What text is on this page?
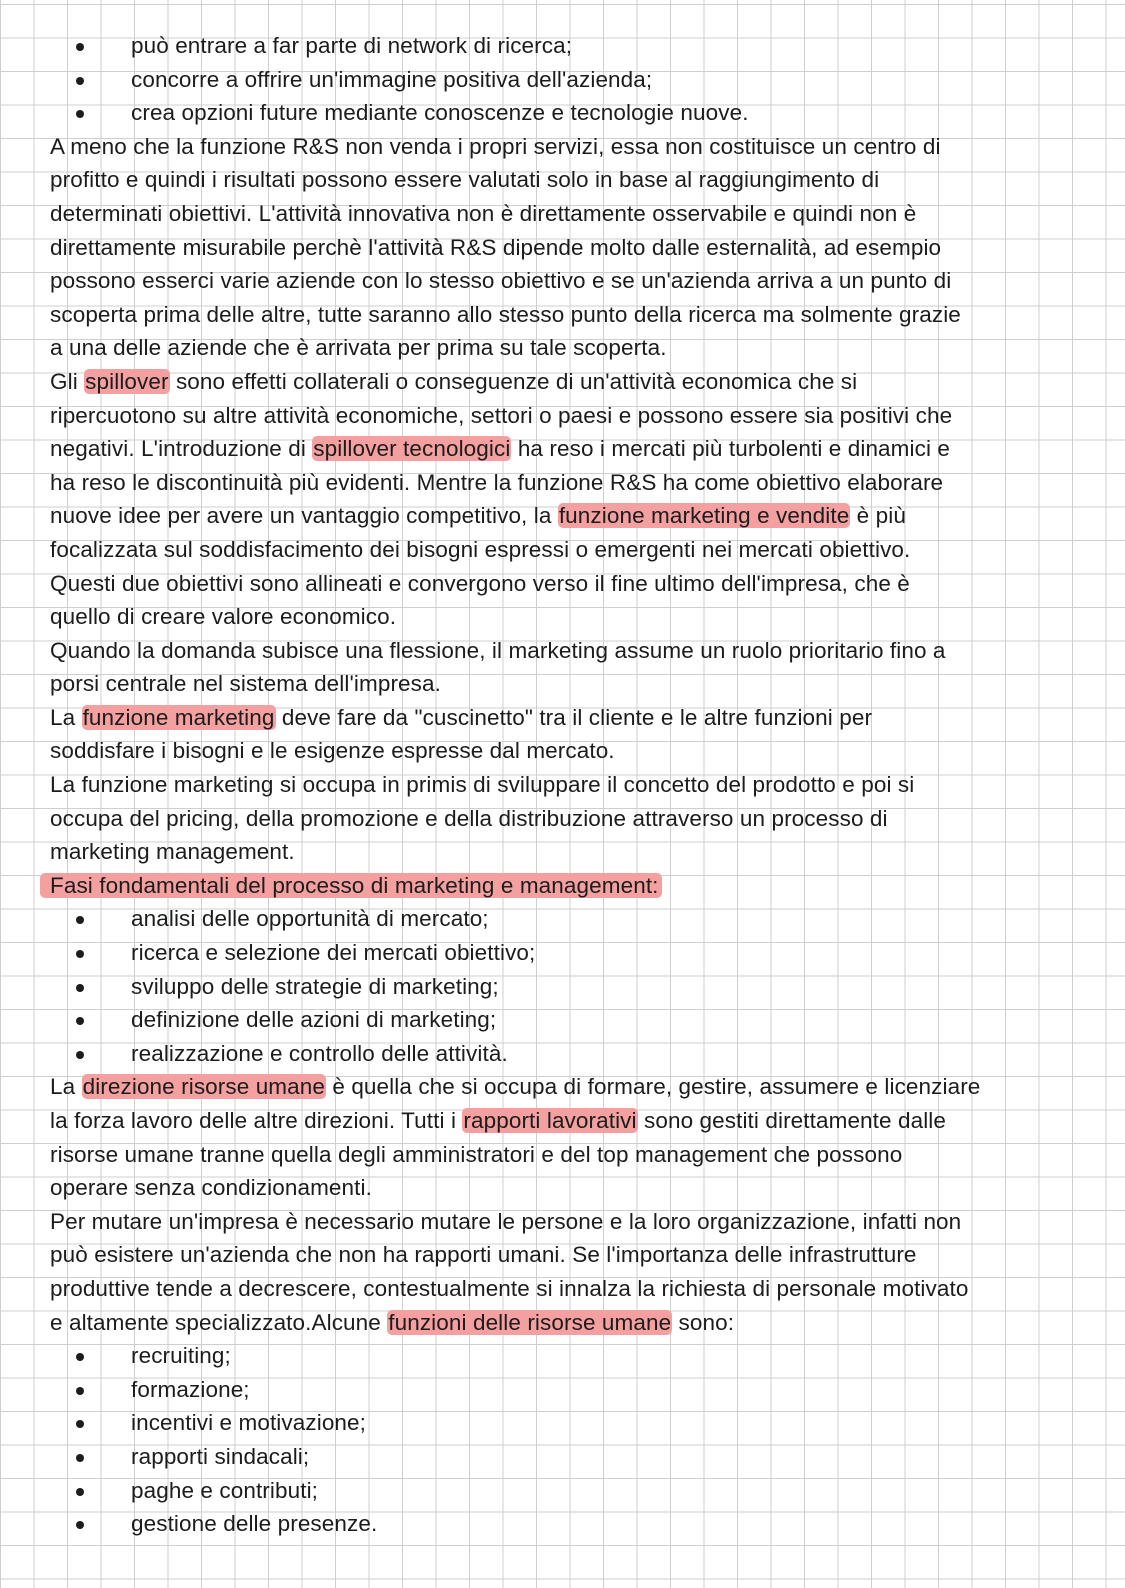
può entrare a far parte di network di ricerca;
concorre a offrire un'immagine positiva dell'azienda;
crea opzioni future mediante conoscenze e tecnologie nuove.
A meno che la funzione R&S non venda i propri servizi, essa non costituisce un centro di
profitto e quindi i risultati possono essere valutati solo in base al raggiungimento di
determinati obiettivi. L'attività innovativa non è direttamente osservabile e quindi non è
direttamente misurabile perchè l'attività R&S dipende molto dalle esternalità, ad esempio
possono esserci varie aziende con lo stesso obiettivo e se un'azienda arriva a un punto di
scoperta prima delle altre, tutte saranno allo stesso punto della ricerca ma solmente grazie
a una delle aziende che è arrivata per prima su tale scoperta.
Gli spillover sono effetti collaterali o conseguenze di un'attività economica che si
ripercuotono su altre attività economiche, settori o paesi e possono essere sia positivi che
negativi. L'introduzione di spillover tecnologici ha reso i mercati più turbolenti e dinamici e
ha reso le discontinuità più evidenti. Mentre la funzione R&S ha come obiettivo elaborare
nuove idee per avere un vantaggio competitivo, la funzione marketing e vendite è più
focalizzata sul soddisfacimento dei bisogni espressi o emergenti nei mercati obiettivo.
Questi due obiettivi sono allineati e convergono verso il fine ultimo dell'impresa, che è
quello di creare valore economico.
Quando la domanda subisce una flessione, il marketing assume un ruolo prioritario fino a
porsi centrale nel sistema dell'impresa.
La funzione marketing deve fare da "cuscinetto" tra il cliente e le altre funzioni per
soddisfare i bisogni e le esigenze espresse dal mercato.
La funzione marketing si occupa in primis di sviluppare il concetto del prodotto e poi si
occupa del pricing, della promozione e della distribuzione attraverso un processo di
marketing management.
Fasi fondamentali del processo di marketing e management:
analisi delle opportunità di mercato;
ricerca e selezione dei mercati obiettivo;
sviluppo delle strategie di marketing;
definizione delle azioni di marketing;
realizzazione e controllo delle attività.
La direzione risorse umane è quella che si occupa di formare, gestire, assumere e licenziare
la forza lavoro delle altre direzioni. Tutti i rapporti lavorativi sono gestiti direttamente dalle
risorse umane tranne quella degli amministratori e del top management che possono
operare senza condizionamenti.
Per mutare un'impresa è necessario mutare le persone e la loro organizzazione, infatti non
può esistere un'azienda che non ha rapporti umani. Se l'importanza delle infrastrutture
produttive tende a decrescere, contestualmente si innalza la richiesta di personale motivato
e altamente specializzato.Alcune funzioni delle risorse umane sono:
recruiting;
formazione;
incentivi e motivazione;
rapporti sindacali;
paghe e contributi;
gestione delle presenze.
